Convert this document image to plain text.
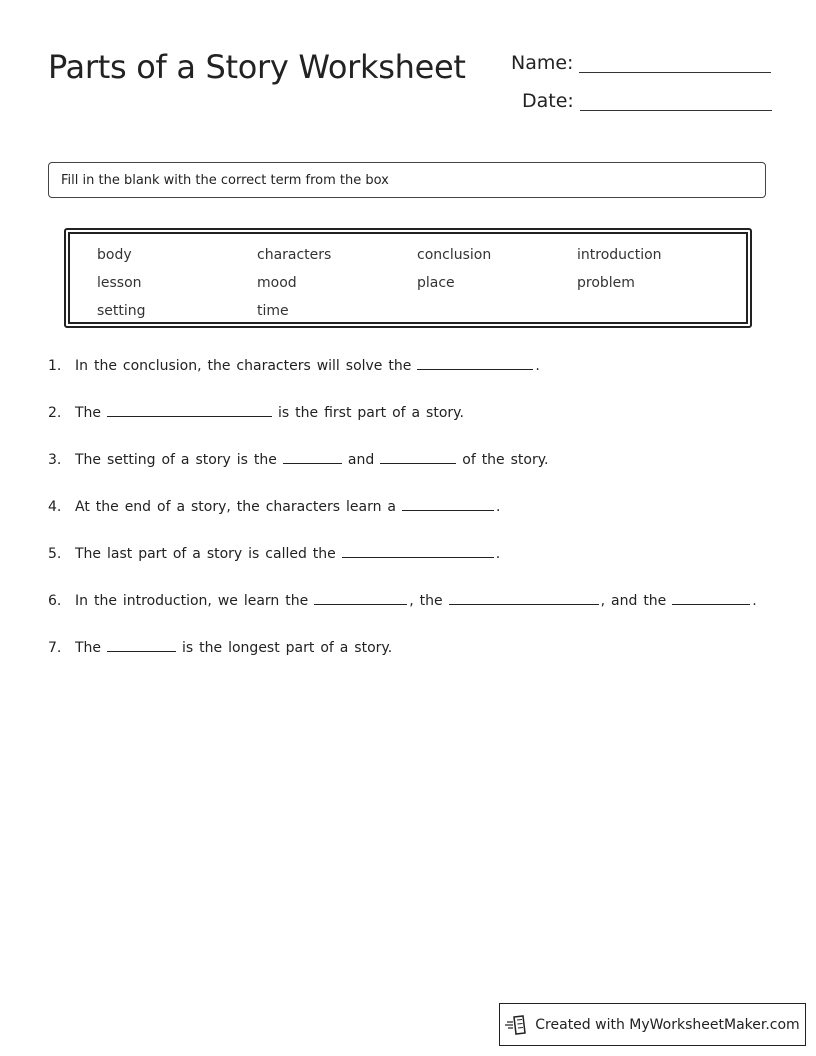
Parts of a Story Worksheet Name:
Date:
Fill in the blank with the correct term from the box
body	characters	conclusion	introduction
lesson	mood	place	problem
setting	time
1. In the conclusion, the characters will solve the	.
2. The	is the first part of a story.
3. The setting of a story is the	and	of the story.
4. At the end of a story, the characters learn a	.
5. The last part of a story is called the	.
6. In the introduction, we learn the	, the	, and the	.
7. The	is the longest part of a story.
Created with MyWorksheetMaker.com
